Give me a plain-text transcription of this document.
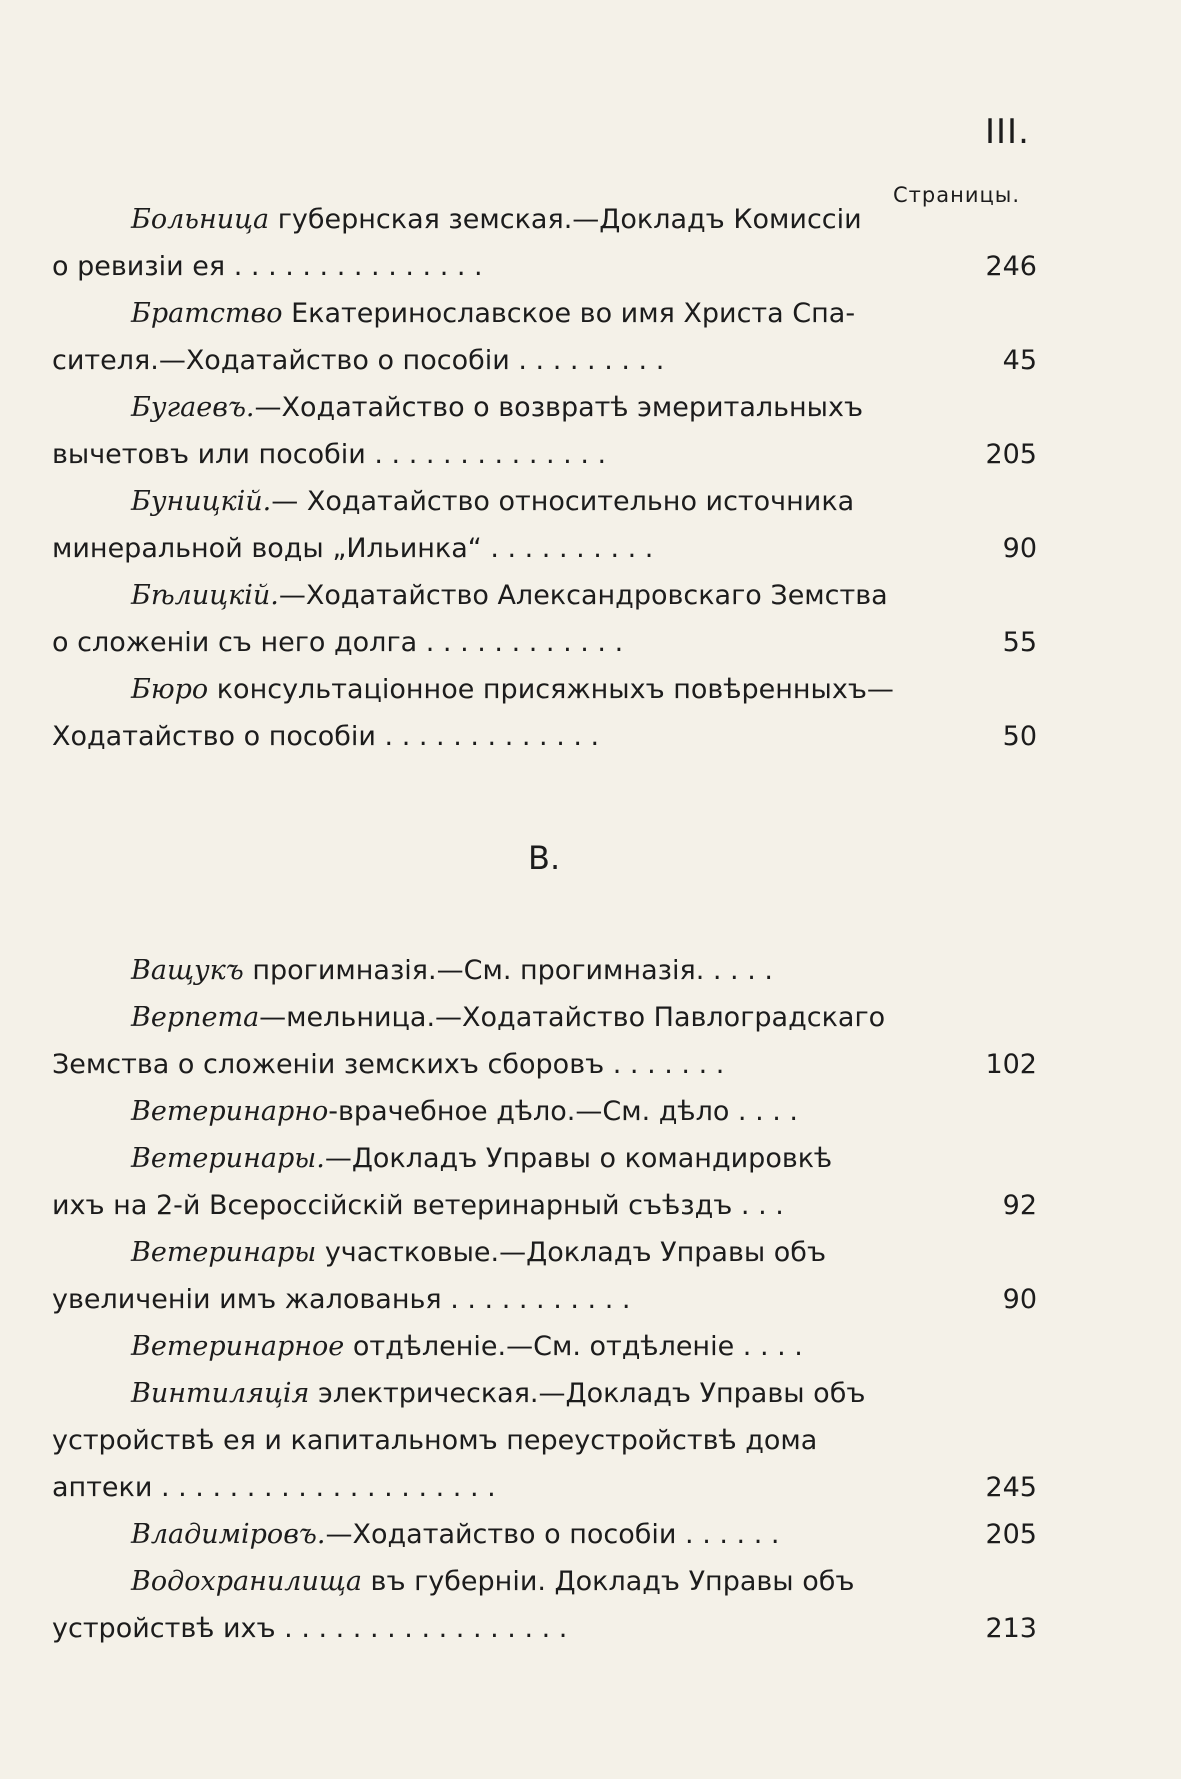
III.
Страницы.
Больница губернская земская.—Докладъ Комиссіи
о ревизіи ея . . . . . . . . . . . . . . .	246
Братство Екатеринославское во имя Христа Спа-
сителя.—Ходатайство о пособіи . . . . . . . . .	45
Бугаевъ.—Ходатайство о возвратѣ эмеритальныхъ
вычетовъ или пособіи . . . . . . . . . . . . . .	205
Буницкій.— Ходатайство относительно источника
минеральной воды „Ильинка“ . . . . . . . . . .	90
Бѣлицкій.—Ходатайство Александровскаго Земства
о сложеніи съ него долга . . . . . . . . . . . .	55
Бюро консультаціонное присяжныхъ повѣренныхъ—
Ходатайство о пособіи . . . . . . . . . . . . .	50
В.
Ващукъ прогимназія.—См. прогимназія. . . . .
Верпета—мельница.—Ходатайство Павлоградскаго
Земства о сложеніи земскихъ сборовъ . . . . . . .	102
Ветеринарно-врачебное дѣло.—См. дѣло . . . .
Ветеринары.—Докладъ Управы о командировкѣ
ихъ на 2-й Всероссійскій ветеринарный съѣздъ . . .	92
Ветеринары участковые.—Докладъ Управы объ
увеличеніи имъ жалованья . . . . . . . . . . .	90
Ветеринарное отдѣленіе.—См. отдѣленіе . . . .
Винтиляція электрическая.—Докладъ Управы объ
устройствѣ ея и капитальномъ переустройствѣ дома
аптеки . . . . . . . . . . . . . . . . . . . .	245
Владиміровъ.—Ходатайство о пособіи . . . . . .	205
Водохранилища въ губерніи. Докладъ Управы объ
устройствѣ ихъ . . . . . . . . . . . . . . . . .	213
